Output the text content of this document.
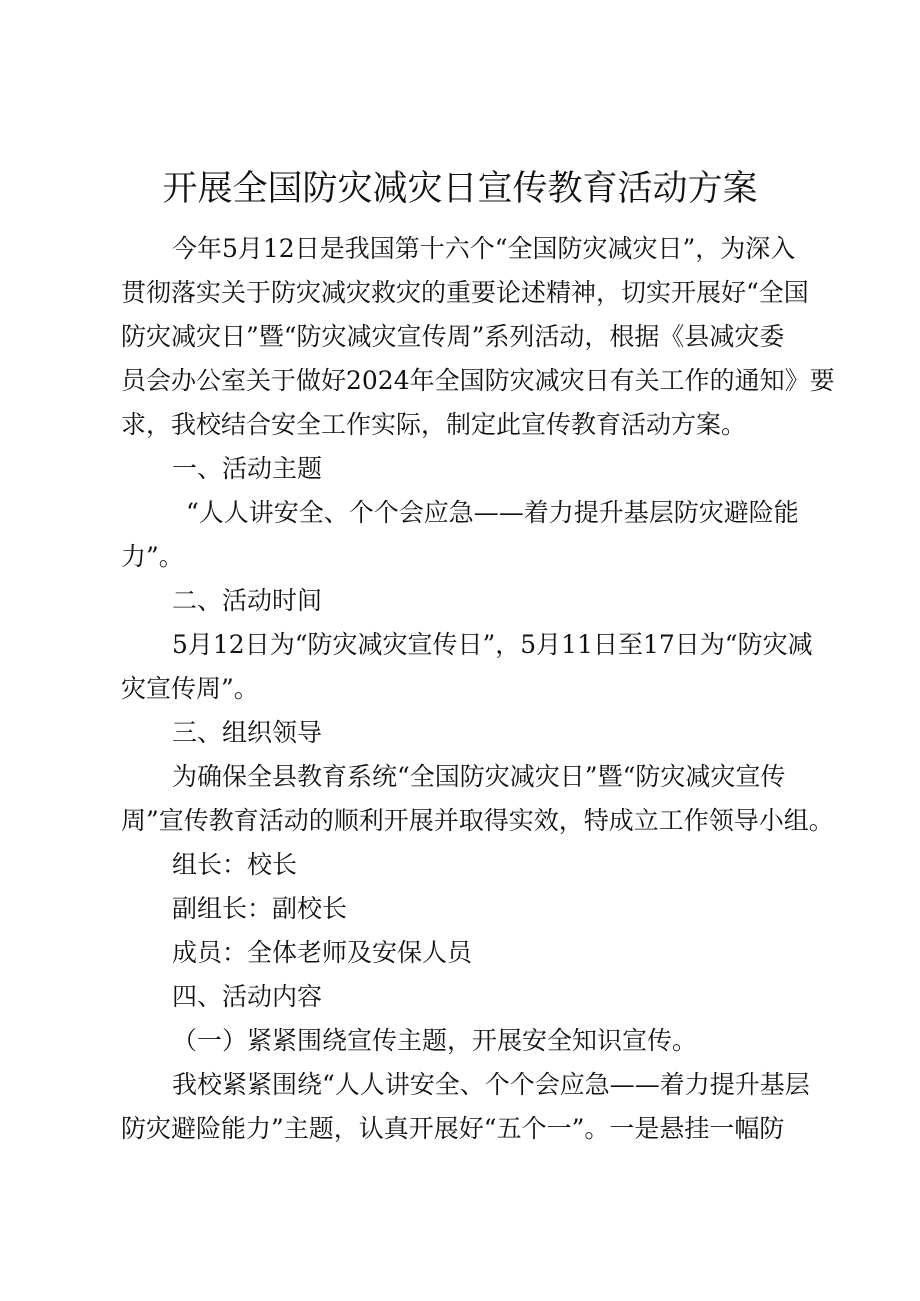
开展全国防灾减灾日宣传教育活动方案
今年5月12日是我国第十六个“全国防灾减灾日”，为深入
贯彻落实关于防灾减灾救灾的重要论述精神，切实开展好“全国
防灾减灾日”暨“防灾减灾宣传周”系列活动，根据《县减灾委
员会办公室关于做好2024年全国防灾减灾日有关工作的通知》要
求，我校结合安全工作实际，制定此宣传教育活动方案。
一、活动主题
“人人讲安全、个个会应急——着力提升基层防灾避险能
力”。
二、活动时间
5月12日为“防灾减灾宣传日”，5月11日至17日为“防灾减
灾宣传周”。
三、组织领导
为确保全县教育系统“全国防灾减灾日”暨“防灾减灾宣传
周”宣传教育活动的顺利开展并取得实效，特成立工作领导小组。
组长：校长
副组长：副校长
成员：全体老师及安保人员
四、活动内容
（一）紧紧围绕宣传主题，开展安全知识宣传。
我校紧紧围绕“人人讲安全、个个会应急——着力提升基层
防灾避险能力”主题，认真开展好“五个一”。一是悬挂一幅防
